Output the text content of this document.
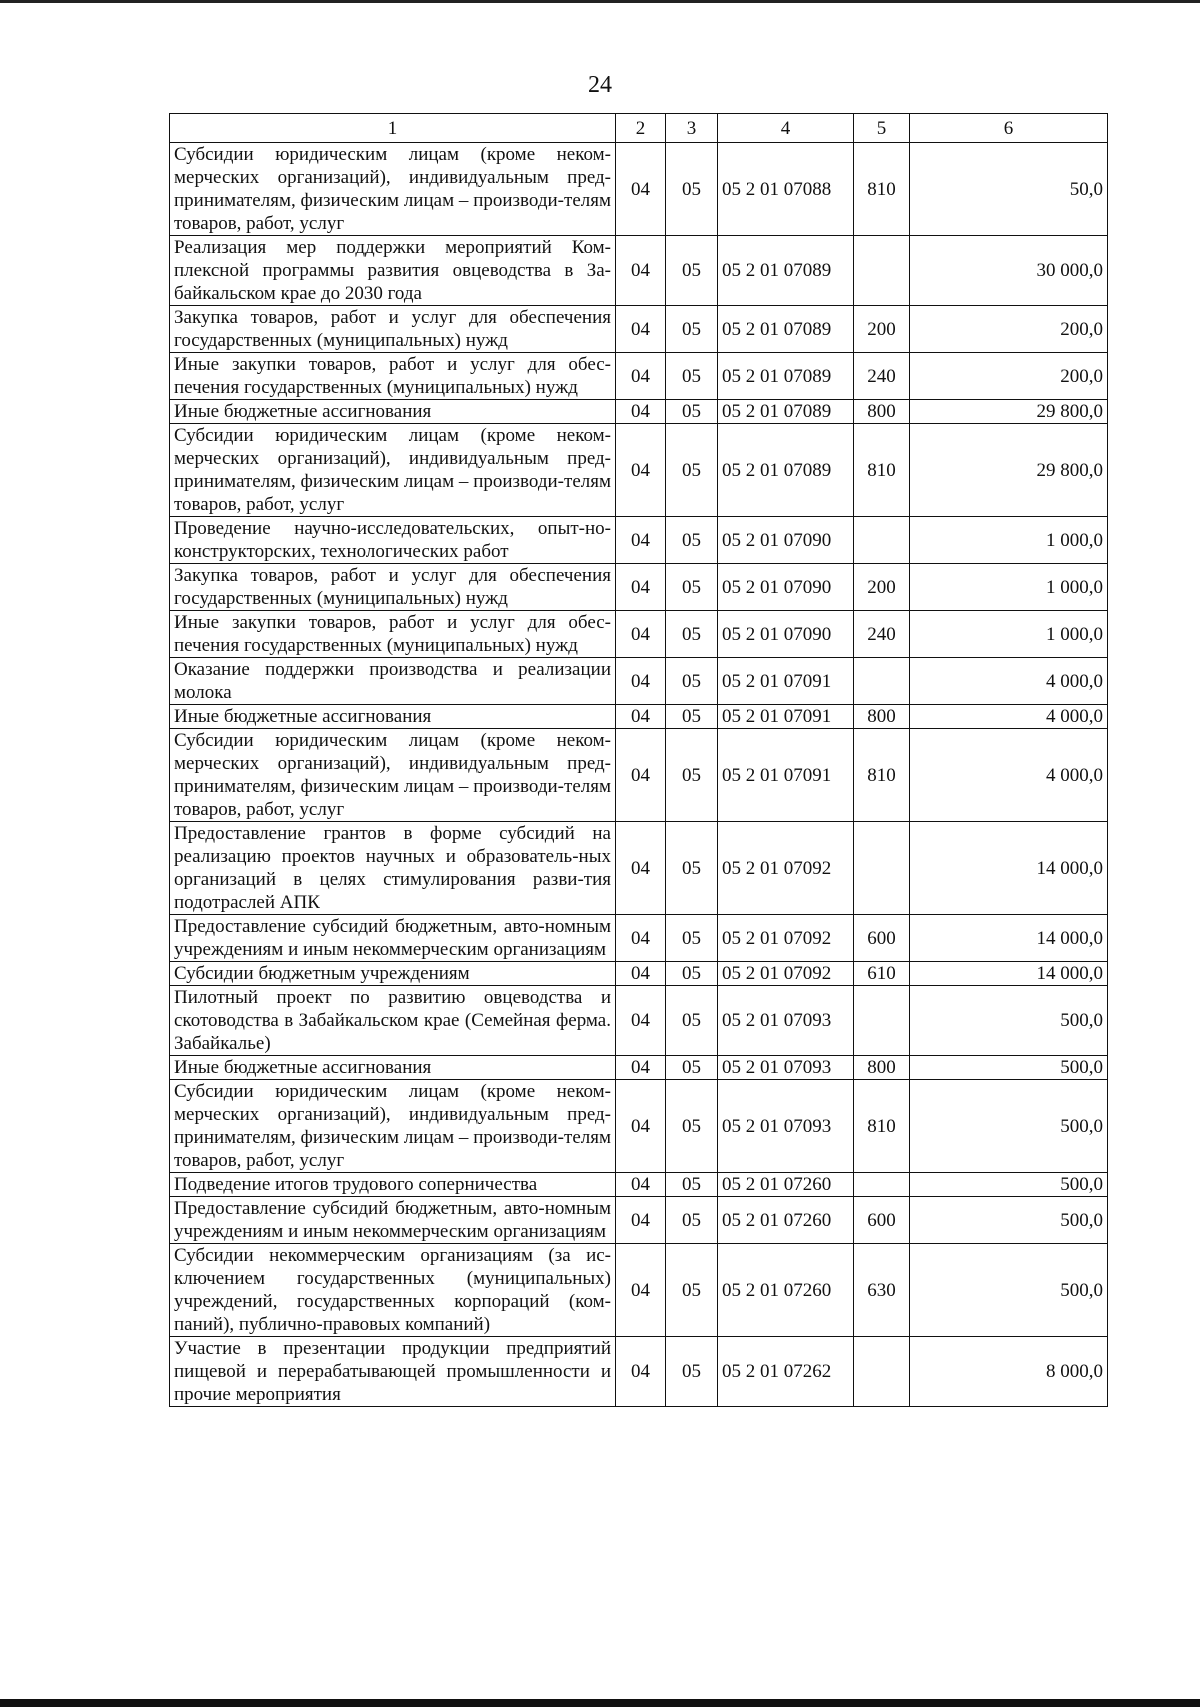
24
1	2	3	4	5	6
Субсидии юридическим лицам (кроме неком-мерческих организаций), индивидуальным пред-принимателям, физическим лицам – производи-телям товаров, работ, услуг	04	05	05 2 01 07088	810	50,0
Реализация мер поддержки мероприятий Ком-плексной программы развития овцеводства в За-байкальском крае до 2030 года	04	05	05 2 01 07089		30 000,0
Закупка товаров, работ и услуг для обеспечения государственных (муниципальных) нужд	04	05	05 2 01 07089	200	200,0
Иные закупки товаров, работ и услуг для обес-печения государственных (муниципальных) нужд	04	05	05 2 01 07089	240	200,0
Иные бюджетные ассигнования	04	05	05 2 01 07089	800	29 800,0
Субсидии юридическим лицам (кроме неком-мерческих организаций), индивидуальным пред-принимателям, физическим лицам – производи-телям товаров, работ, услуг	04	05	05 2 01 07089	810	29 800,0
Проведение научно-исследовательских, опыт-но-конструкторских, технологических работ	04	05	05 2 01 07090		1 000,0
Закупка товаров, работ и услуг для обеспечения государственных (муниципальных) нужд	04	05	05 2 01 07090	200	1 000,0
Иные закупки товаров, работ и услуг для обес-печения государственных (муниципальных) нужд	04	05	05 2 01 07090	240	1 000,0
Оказание поддержки производства и реализации молока	04	05	05 2 01 07091		4 000,0
Иные бюджетные ассигнования	04	05	05 2 01 07091	800	4 000,0
Субсидии юридическим лицам (кроме неком-мерческих организаций), индивидуальным пред-принимателям, физическим лицам – производи-телям товаров, работ, услуг	04	05	05 2 01 07091	810	4 000,0
Предоставление грантов в форме субсидий на реализацию проектов научных и образователь-ных организаций в целях стимулирования разви-тия подотраслей АПК	04	05	05 2 01 07092		14 000,0
Предоставление субсидий бюджетным, авто-номным учреждениям и иным некоммерческим организациям	04	05	05 2 01 07092	600	14 000,0
Субсидии бюджетным учреждениям	04	05	05 2 01 07092	610	14 000,0
Пилотный проект по развитию овцеводства и скотоводства в Забайкальском крае (Семейная ферма. Забайкалье)	04	05	05 2 01 07093		500,0
Иные бюджетные ассигнования	04	05	05 2 01 07093	800	500,0
Субсидии юридическим лицам (кроме неком-мерческих организаций), индивидуальным пред-принимателям, физическим лицам – производи-телям товаров, работ, услуг	04	05	05 2 01 07093	810	500,0
Подведение итогов трудового соперничества	04	05	05 2 01 07260		500,0
Предоставление субсидий бюджетным, авто-номным учреждениям и иным некоммерческим организациям	04	05	05 2 01 07260	600	500,0
Субсидии некоммерческим организациям (за ис-ключением государственных (муниципальных) учреждений, государственных корпораций (ком-паний), публично-правовых компаний)	04	05	05 2 01 07260	630	500,0
Участие в презентации продукции предприятий пищевой и перерабатывающей промышленности и прочие мероприятия	04	05	05 2 01 07262		8 000,0
